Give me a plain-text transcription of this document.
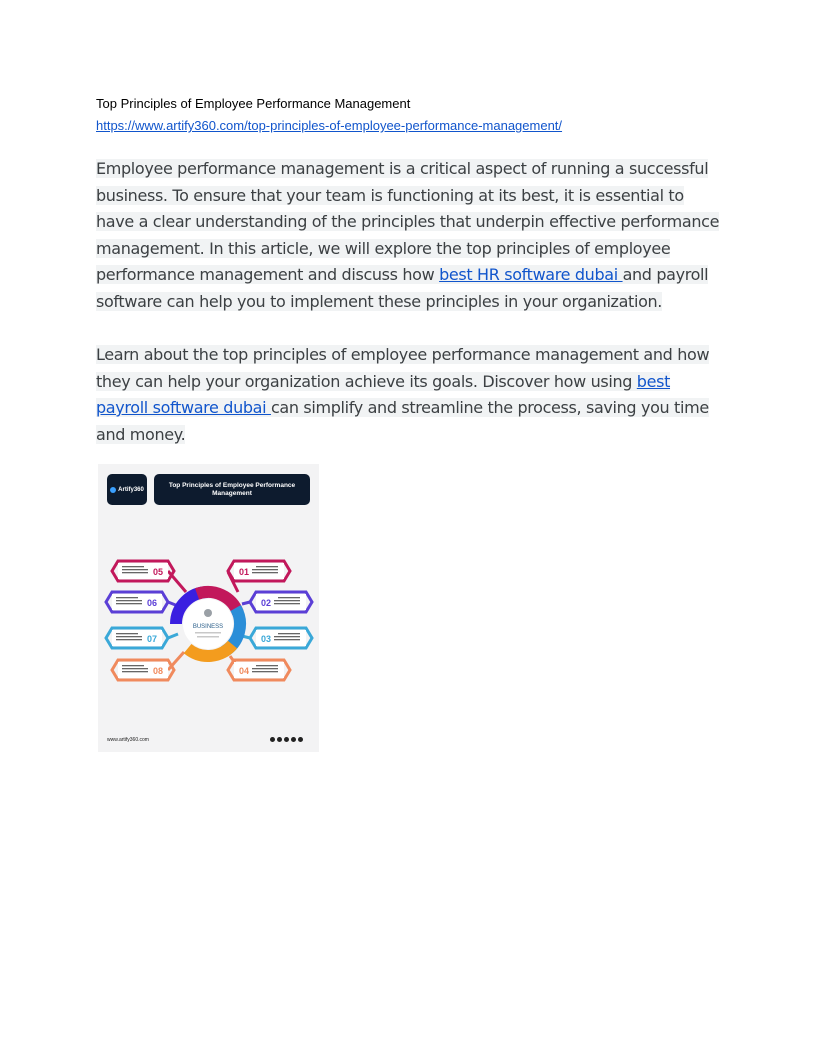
Top Principles of Employee Performance Management
https://www.artify360.com/top-principles-of-employee-performance-management/
Employee performance management is a critical aspect of running a successful business. To ensure that your team is functioning at its best, it is essential to have a clear understanding of the principles that underpin effective performance management. In this article, we will explore the top principles of employee performance management and discuss how best HR software dubai and payroll software can help you to implement these principles in your organization.
Learn about the top principles of employee performance management and how they can help your organization achieve its goals. Discover how using best payroll software dubai can simplify and streamline the process, saving you time and money.
Artify360
Top Principles of Employee Performance Management
BUSINESS
05
06
07
08
01
02
03
04
www.artify360.com
